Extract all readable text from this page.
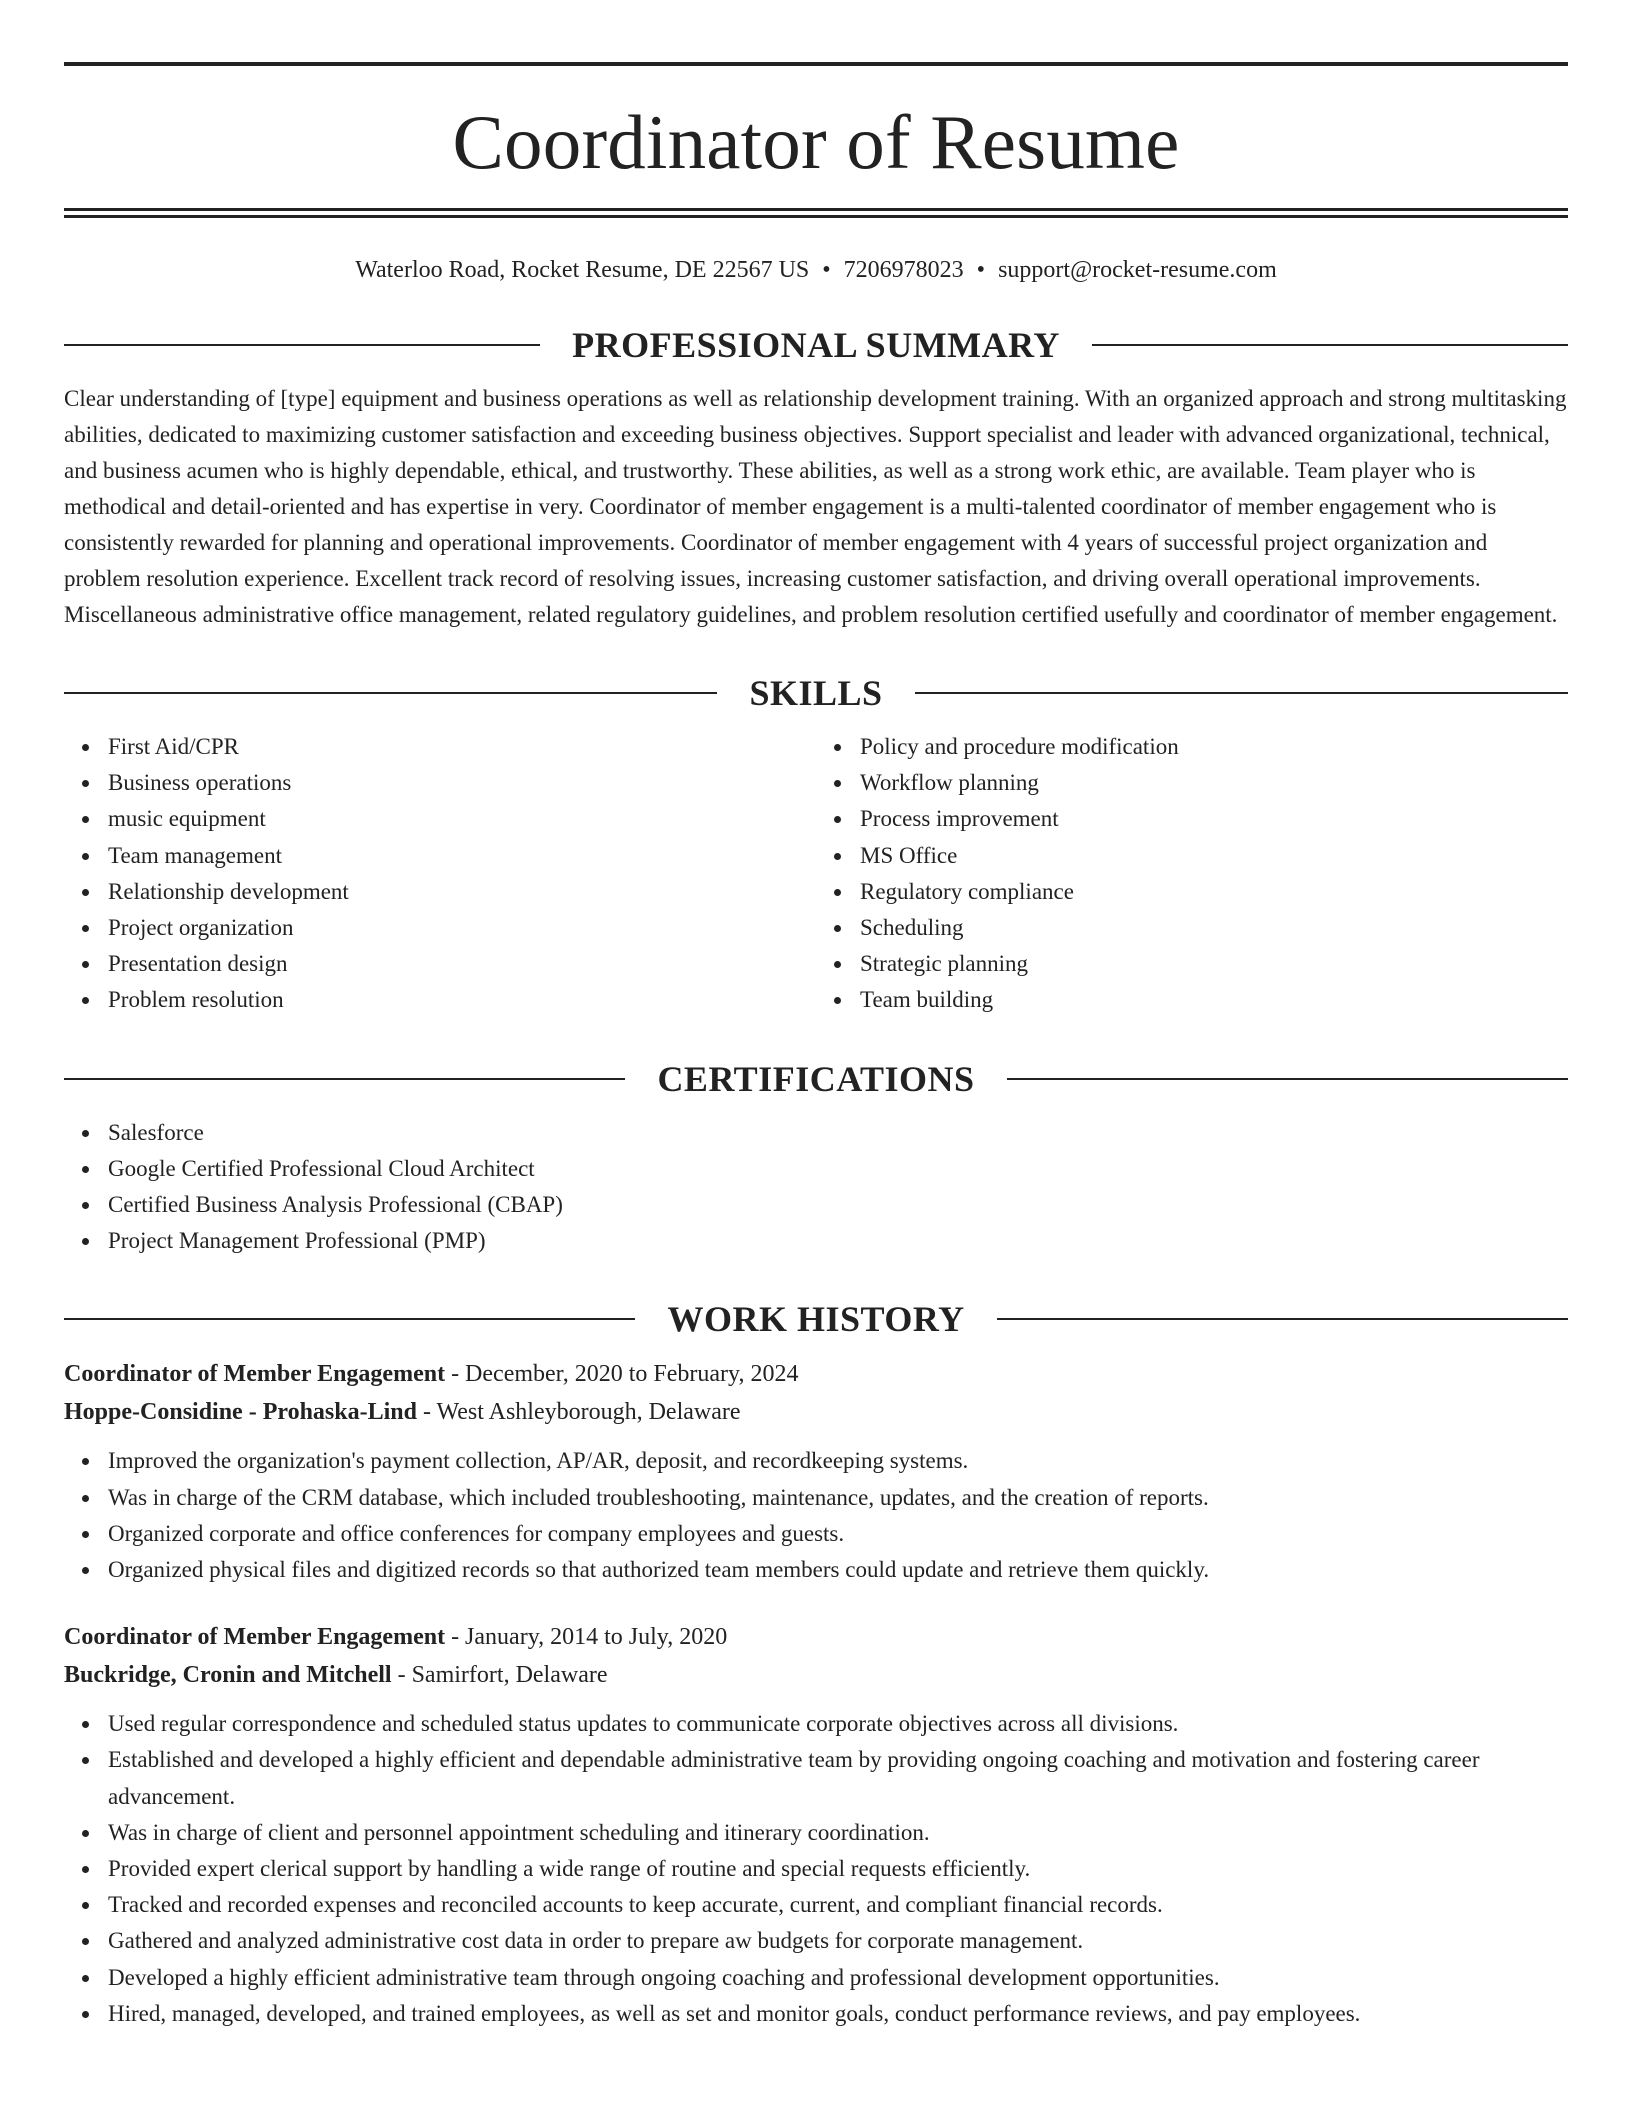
Coordinator of Resume
Waterloo Road, Rocket Resume, DE 22567 US • 7206978023 • support@rocket-resume.com
PROFESSIONAL SUMMARY

Clear understanding of [type] equipment and business operations as well as relationship development training. With an organized approach and strong multitasking abilities, dedicated to maximizing customer satisfaction and exceeding business objectives. Support specialist and leader with advanced organizational, technical, and business acumen who is highly dependable, ethical, and trustworthy. These abilities, as well as a strong work ethic, are available. Team player who is methodical and detail-oriented and has expertise in very. Coordinator of member engagement is a multi-talented coordinator of member engagement who is consistently rewarded for planning and operational improvements. Coordinator of member engagement with 4 years of successful project organization and problem resolution experience. Excellent track record of resolving issues, increasing customer satisfaction, and driving overall operational improvements. Miscellaneous administrative office management, related regulatory guidelines, and problem resolution certified usefully and coordinator of member engagement.

SKILLS
First Aid/CPR
Business operations
music equipment
Team management
Relationship development
Project organization
Presentation design
Problem resolution
Policy and procedure modification
Workflow planning
Process improvement
MS Office
Regulatory compliance
Scheduling
Strategic planning
Team building
CERTIFICATIONS
Salesforce
Google Certified Professional Cloud Architect
Certified Business Analysis Professional (CBAP)
Project Management Professional (PMP)
WORK HISTORY
Coordinator of Member Engagement - December, 2020 to February, 2024
Hoppe-Considine - Prohaska-Lind - West Ashleyborough, Delaware
Improved the organization's payment collection, AP/AR, deposit, and recordkeeping systems.
Was in charge of the CRM database, which included troubleshooting, maintenance, updates, and the creation of reports.
Organized corporate and office conferences for company employees and guests.
Organized physical files and digitized records so that authorized team members could update and retrieve them quickly.
Coordinator of Member Engagement - January, 2014 to July, 2020
Buckridge, Cronin and Mitchell - Samirfort, Delaware
Used regular correspondence and scheduled status updates to communicate corporate objectives across all divisions.
Established and developed a highly efficient and dependable administrative team by providing ongoing coaching and motivation and fostering career advancement.
Was in charge of client and personnel appointment scheduling and itinerary coordination.
Provided expert clerical support by handling a wide range of routine and special requests efficiently.
Tracked and recorded expenses and reconciled accounts to keep accurate, current, and compliant financial records.
Gathered and analyzed administrative cost data in order to prepare aw budgets for corporate management.
Developed a highly efficient administrative team through ongoing coaching and professional development opportunities.
Hired, managed, developed, and trained employees, as well as set and monitor goals, conduct performance reviews, and pay employees.
